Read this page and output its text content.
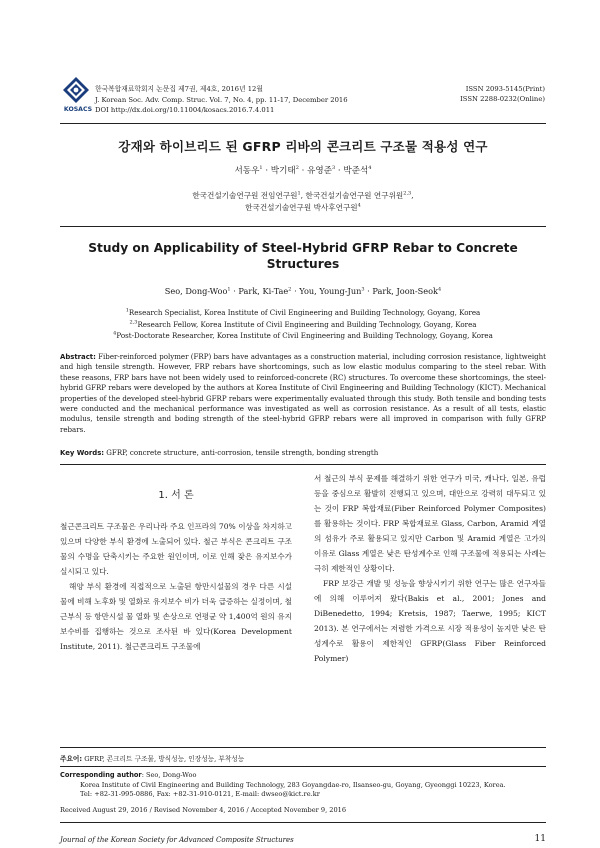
KOSACS
한국복합재료학회지 논문집 제7권, 제4호, 2016년 12월
J. Korean Soc. Adv. Comp. Struc. Vol. 7, No. 4, pp. 11-17, December 2016
DOI http://dx.doi.org/10.11004/kosacs.2016.7.4.011
ISSN 2093-5145(Print)
ISSN 2288-0232(Online)
강재와 하이브리드 된 GFRP 리바의 콘크리트 구조물 적용성 연구
서동우$^1$ · 박기태$^2$ · 유영준$^3$ · 박준석$^4$
한국건설기술연구원 전임연구원$^1$, 한국건설기술연구원 연구위원$^{2,3}$,
한국건설기술연구원 박사후연구원$^4$
Study on Applicability of Steel-Hybrid GFRP Rebar to Concrete
Structures
Seo, Dong-Woo$^1$ · Park, Ki-Tae$^2$ · You, Young-Jun$^3$ · Park, Joon-Seok$^4$
$^1$Research Specialist, Korea Institute of Civil Engineering and Building Technology, Goyang, Korea
$^{2,3}$Research Fellow, Korea Institute of Civil Engineering and Building Technology, Goyang, Korea
$^4$Post-Doctorate Researcher, Korea Institute of Civil Engineering and Building Technology, Goyang, Korea
Abstract: Fiber-reinforced polymer (FRP) bars have advantages as a construction material, including corrosion resistance, lightweight and high tensile strength. However, FRP rebars have shortcomings, such as low elastic modulus comparing to the steel rebar. With these reasons, FRP bars have not been widely used to reinforced-concrete (RC) structures. To overcome these shortcomings, the steel-hybrid GFRP rebars were developed by the authors at Korea Institute of Civil Engineering and Building Technology (KICT). Mechanical properties of the developed steel-hybrid GFRP rebars were experimentally evaluated through this study. Both tensile and bonding tests were conducted and the mechanical performance was investigated as well as corrosion resistance. As a result of all tests, elastic modulus, tensile strength and boding strength of the steel-hybrid GFRP rebars were all improved in comparison with fully GFRP rebars.
Key Words: GFRP, concrete structure, anti-corrosion, tensile strength, bonding strength
1. 서 론

철근콘크리트 구조물은 우리나라 주요 인프라의 70% 이상을 차지하고 있으며 다양한 부식 환경에 노출되어 있다. 철근 부식은 콘크리트 구조물의 수명을 단축시키는 주요한 원인이며, 이로 인해 잦은 유지보수가 실시되고 있다.

해양 부식 환경에 직접적으로 노출된 항만시설물의 경우 다른 시설물에 비해 노후화 및 열화로 유지보수 비가 더욱 급증하는 실정이며, 철근부식 등 항만시설 물 열화 및 손상으로 연평균 약 1,400억 원의 유지보수비를 집행하는 것으로 조사된 바 있다(Korea Development Institute, 2011). 철근콘크리트 구조물에

서 철근의 부식 문제를 해결하기 위한 연구가 미국, 캐나다, 일본, 유럽 등을 중심으로 활발히 진행되고 있으며, 대안으로 강력히 대두되고 있는 것이 FRP 복합재료(Fiber Reinforced Polymer Composites)를 활용하는 것이다. FRP 복합재료로 Glass, Carbon, Aramid 계열의 섬유가 주로 활용되고 있지만 Carbon 및 Aramid 계열은 고가의 이유로 Glass 계열은 낮은 탄성계수로 인해 구조물에 적용되는 사례는 극히 제한적인 상황이다.

FRP 보강근 개발 및 성능을 향상시키기 위한 연구는 많은 연구자들에 의해 이루어져 왔다(Bakis et al., 2001; Jones and DiBenedetto, 1994; Kretsis, 1987; Taerwe, 1995; KICT 2013). 본 연구에서는 저렴한 가격으로 시장 적용성이 높지만 낮은 탄성계수로 활용이 제한적인 GFRP(Glass Fiber Reinforced Polymer)

주요어: GFRP, 콘크리트 구조물, 방식성능, 인장성능, 부착성능
Corresponding author: Seo, Dong-Woo
Korea Institute of Civil Engineering and Building Technology, 283 Goyangdae-ro, Ilsanseo-gu, Goyang, Gyeonggi 10223, Korea.
Tel: +82-31-995-0886, Fax: +82-31-910-0121, E-mail: dwseo@kict.re.kr
Received August 29, 2016 / Revised November 4, 2016 / Accepted November 9, 2016
Journal of the Korean Society for Advanced Composite Structures	11
